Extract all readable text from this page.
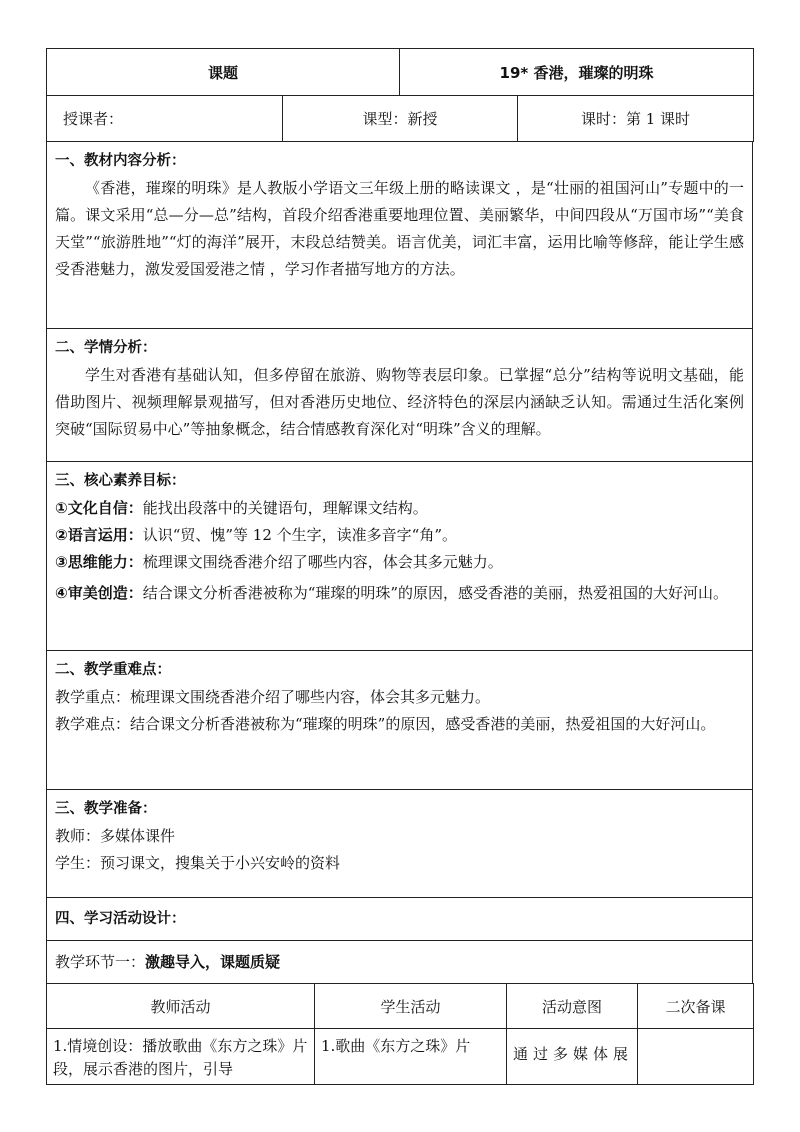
课题	19* 香港，璀璨的明珠
授课者：	课型：新授	课时：第 1 课时
一、教材内容分析：
《香港，璀璨的明珠》是人教版小学语文三年级上册的略读课文 ，是“壮丽的祖国河山”专题中的一篇。课文采用“总—分—总”结构，首段介绍香港重要地理位置、美丽繁华，中间四段从“万国市场”“美食天堂”“旅游胜地”“灯的海洋”展开，末段总结赞美。语言优美，词汇丰富，运用比喻等修辞，能让学生感受香港魅力，激发爱国爱港之情 ，学习作者描写地方的方法。

二、学情分析：
学生对香港有基础认知，但多停留在旅游、购物等表层印象。已掌握“总分”结构等说明文基础，能借助图片、视频理解景观描写，但对香港历史地位、经济特色的深层内涵缺乏认知。需通过生活化案例突破“国际贸易中心”等抽象概念，结合情感教育深化对“明珠”含义的理解。

三、核心素养目标：
①文化自信：能找出段落中的关键语句，理解课文结构。
②语言运用：认识“贸、愧”等 12 个生字，读准多音字“角”。
③思维能力：梳理课文围绕香港介绍了哪些内容，体会其多元魅力。
④审美创造：结合课文分析香港被称为“璀璨的明珠”的原因，感受香港的美丽，热爱祖国的大好河山。

二、教学重难点：
教学重点：梳理课文围绕香港介绍了哪些内容，体会其多元魅力。
教学难点：结合课文分析香港被称为“璀璨的明珠”的原因，感受香港的美丽，热爱祖国的大好河山。

三、教学准备：
教师：多媒体课件
学生：预习课文，搜集关于小兴安岭的资料

四、学习活动设计：

教学环节一：激趣导入，课题质疑
教师活动	学生活动	活动意图	二次备课
1.情境创设：播放歌曲《东方之珠》片段，展示香港的图片，引导	1.歌曲《东方之珠》片	通过多媒体展	
